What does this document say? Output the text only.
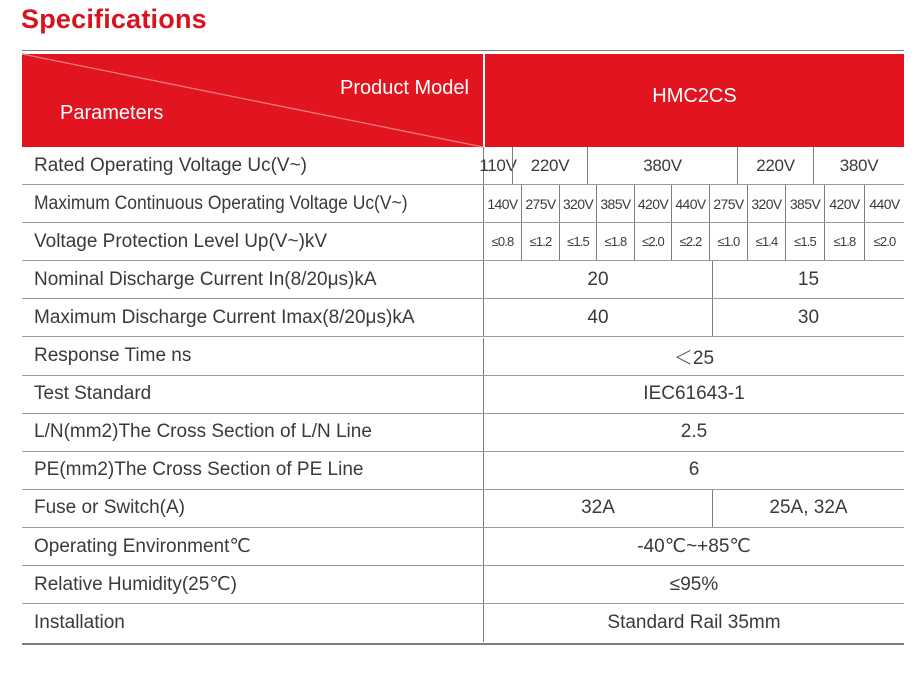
Specifications
Product Model
Parameters
HMC2CS
Rated Operating Voltage Uc(V~)	110V 220V	380V	220V	380V
Maximum Continuous Operating Voltage Uc(V~)	140V 275V 320V 385V 420V 440V 275V 320V 385V 420V 440V
Voltage Protection Level Up(V~)kV	≤0.8	≤1.2	≤1.5	≤1.8	≤2.0	≤2.2	≤1.0	≤1.4	≤1.5	≤1.8	≤2.0
Nominal Discharge Current In(8/20μs)kA	20	15
Maximum Discharge Current Imax(8/20μs)kA	40	30
Response Time ns	＜25
Test Standard	IEC61643-1
L/N(mm2)The Cross Section of L/N Line	2.5
PE(mm2)The Cross Section of PE Line	6
Fuse or Switch(A)	32A	25A, 32A
Operating Environment℃	-40℃~+85℃
Relative Humidity(25℃)	≤95%
Installation	Standard Rail 35mm
